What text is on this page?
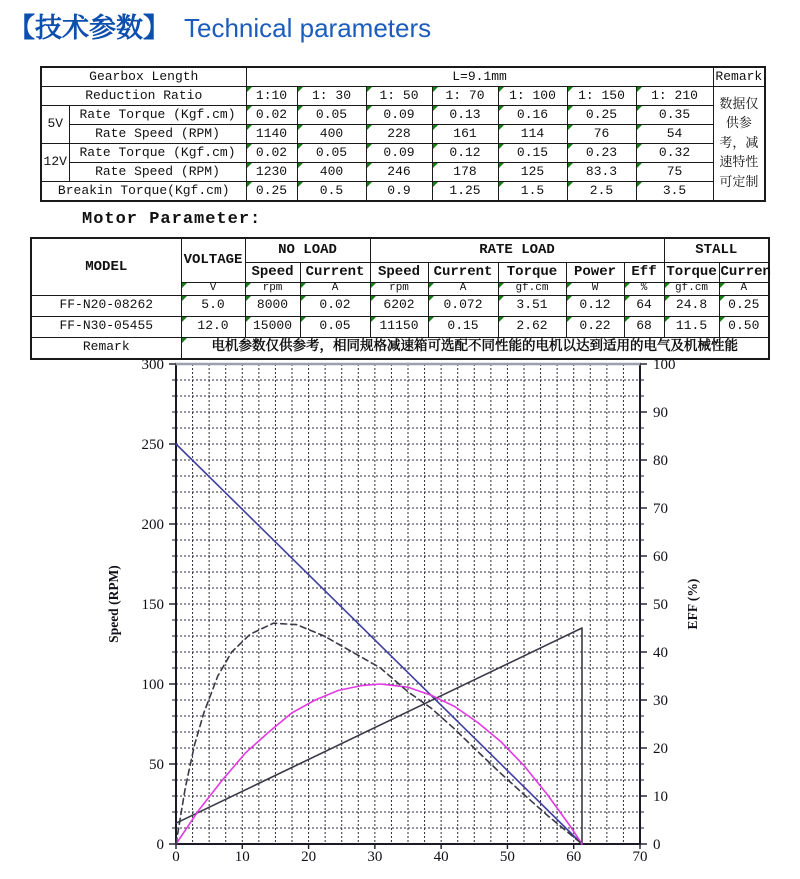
【技术参数】 Technical parameters
Gearbox Length		L=9.1mm							Remark
Reduction Ratio		1:10	1: 30	1: 50	1: 70	1: 100	1: 150	1: 210	数据仅供参考，减速特性可定制
5V	Rate Torque (Kgf.cm)	0.02	0.05	0.09	0.13	0.16	0.25	0.35	
	Rate Speed (RPM)	1140	400	228	161	114	76	54	
12V	Rate Torque (Kgf.cm)	0.02	0.05	0.09	0.12	0.15	0.23	0.32	
	Rate Speed (RPM)	1230	400	246	178	125	83.3	75	
Breakin Torque(Kgf.cm)		0.25	0.5	0.9	1.25	1.5	2.5	3.5	
Motor Parameter:
MODEL	VOLTAGE	NO LOAD		RATE LOAD					STALL	
		Speed	Current	Speed	Current	Torque	Power	Eff	Torque	Curren
	V	rpm	A	rpm	A	gf.cm	W	%	gf.cm	A
FF-N20-08262	5.0	8000	0.02	6202	0.072	3.51	0.12	64	24.8	0.25
FF-N30-05455	12.0	15000	0.05	11150	0.15	2.62	0.22	68	11.5	0.50
Remark	电机参数仅供参考，相同规格减速箱可选配不同性能的电机以达到适用的电气及机械性能									
0
50
100
150
200
250
300
0
10
20
30
40
50
60
70
80
90
100
0	10	20	30	40	50	60	70
Speed (RPM)	EFF (%)
